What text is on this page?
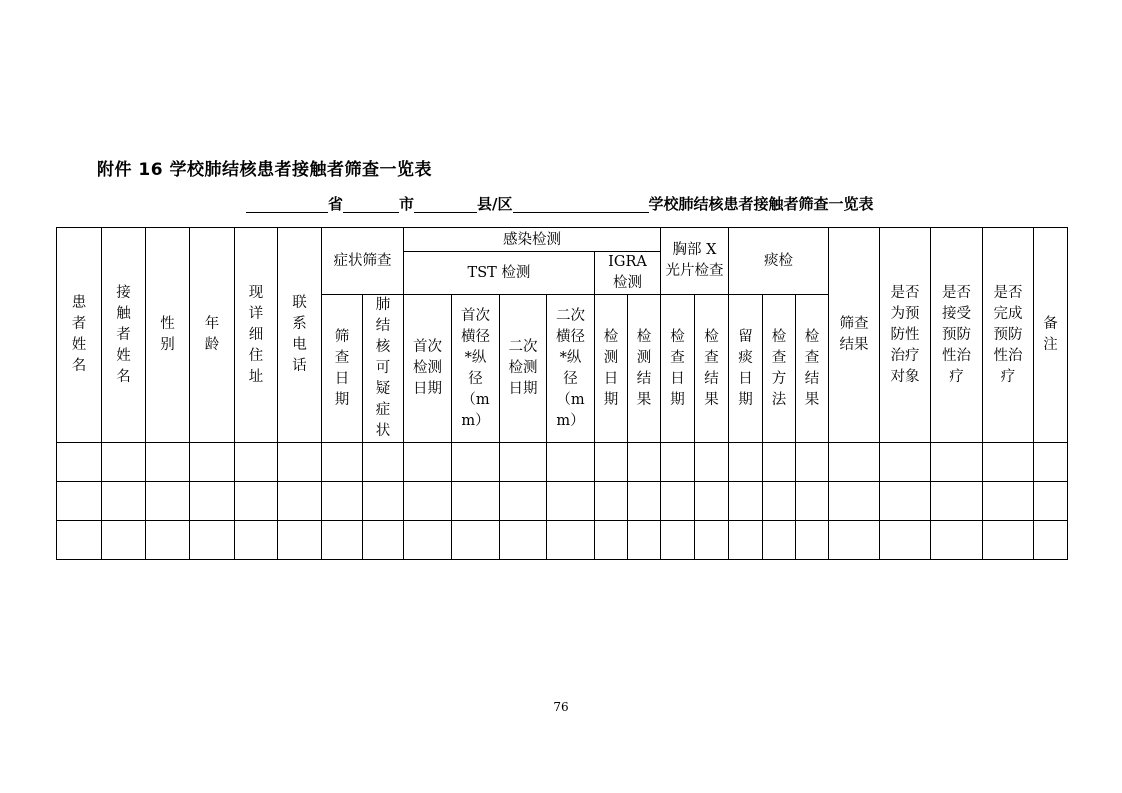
附件 16 学校肺结核患者接触者筛查一览表
省	市	县/区	学校肺结核患者接触者筛查一览表
患者姓名	接触者姓名	性别	年龄	现详细住址	联系电话	症状筛查		感染检测						胸部 X 光片检查		痰检			筛查结果	是否为预防性治疗对象	是否接受预防性治疗	是否完成预防性治疗	备注
								TST 检测				IGRA检测											
						筛查日期	肺结核可疑症状	首次检测日期	首次横径*纵径（mm）	二次检测日期	二次横径*纵径（mm）	检测日期	检测结果	检查日期	检查结果	留痰日期	检查方法	检查结果					

76
